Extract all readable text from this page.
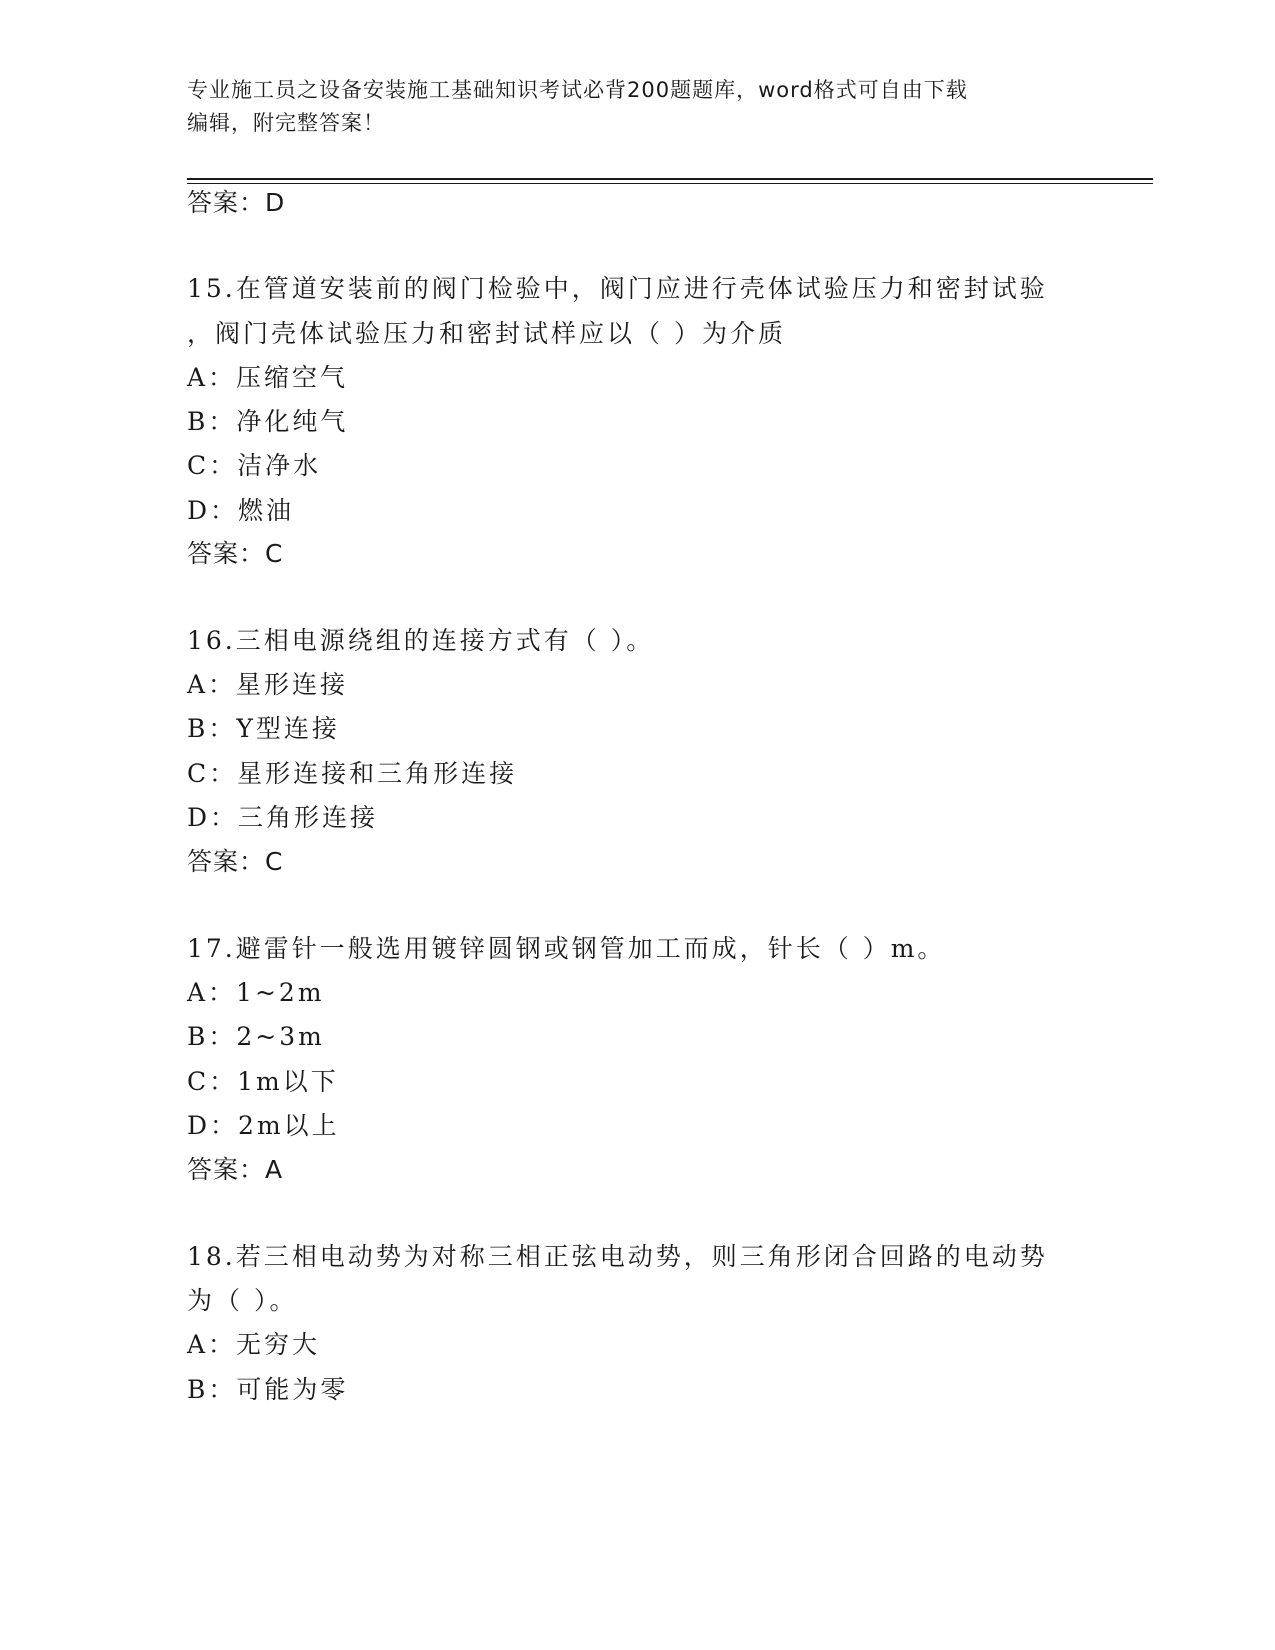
专业施工员之设备安装施工基础知识考试必背200题题库，word格式可自由下载
编辑，附完整答案！
答案：D
15.在管道安装前的阀门检验中，阀门应进行壳体试验压力和密封试验
，阀门壳体试验压力和密封试样应以（ ）为介质
A：压缩空气
B：净化纯气
C：洁净水
D：燃油
答案：C
16.三相电源绕组的连接方式有（ ）。
A：星形连接
B：Y型连接
C：星形连接和三角形连接
D：三角形连接
答案：C
17.避雷针一般选用镀锌圆钢或钢管加工而成，针长（ ）m。
A：1~2m
B：2~3m
C：1m以下
D：2m以上
答案：A
18.若三相电动势为对称三相正弦电动势，则三角形闭合回路的电动势
为（ ）。
A：无穷大
B：可能为零
